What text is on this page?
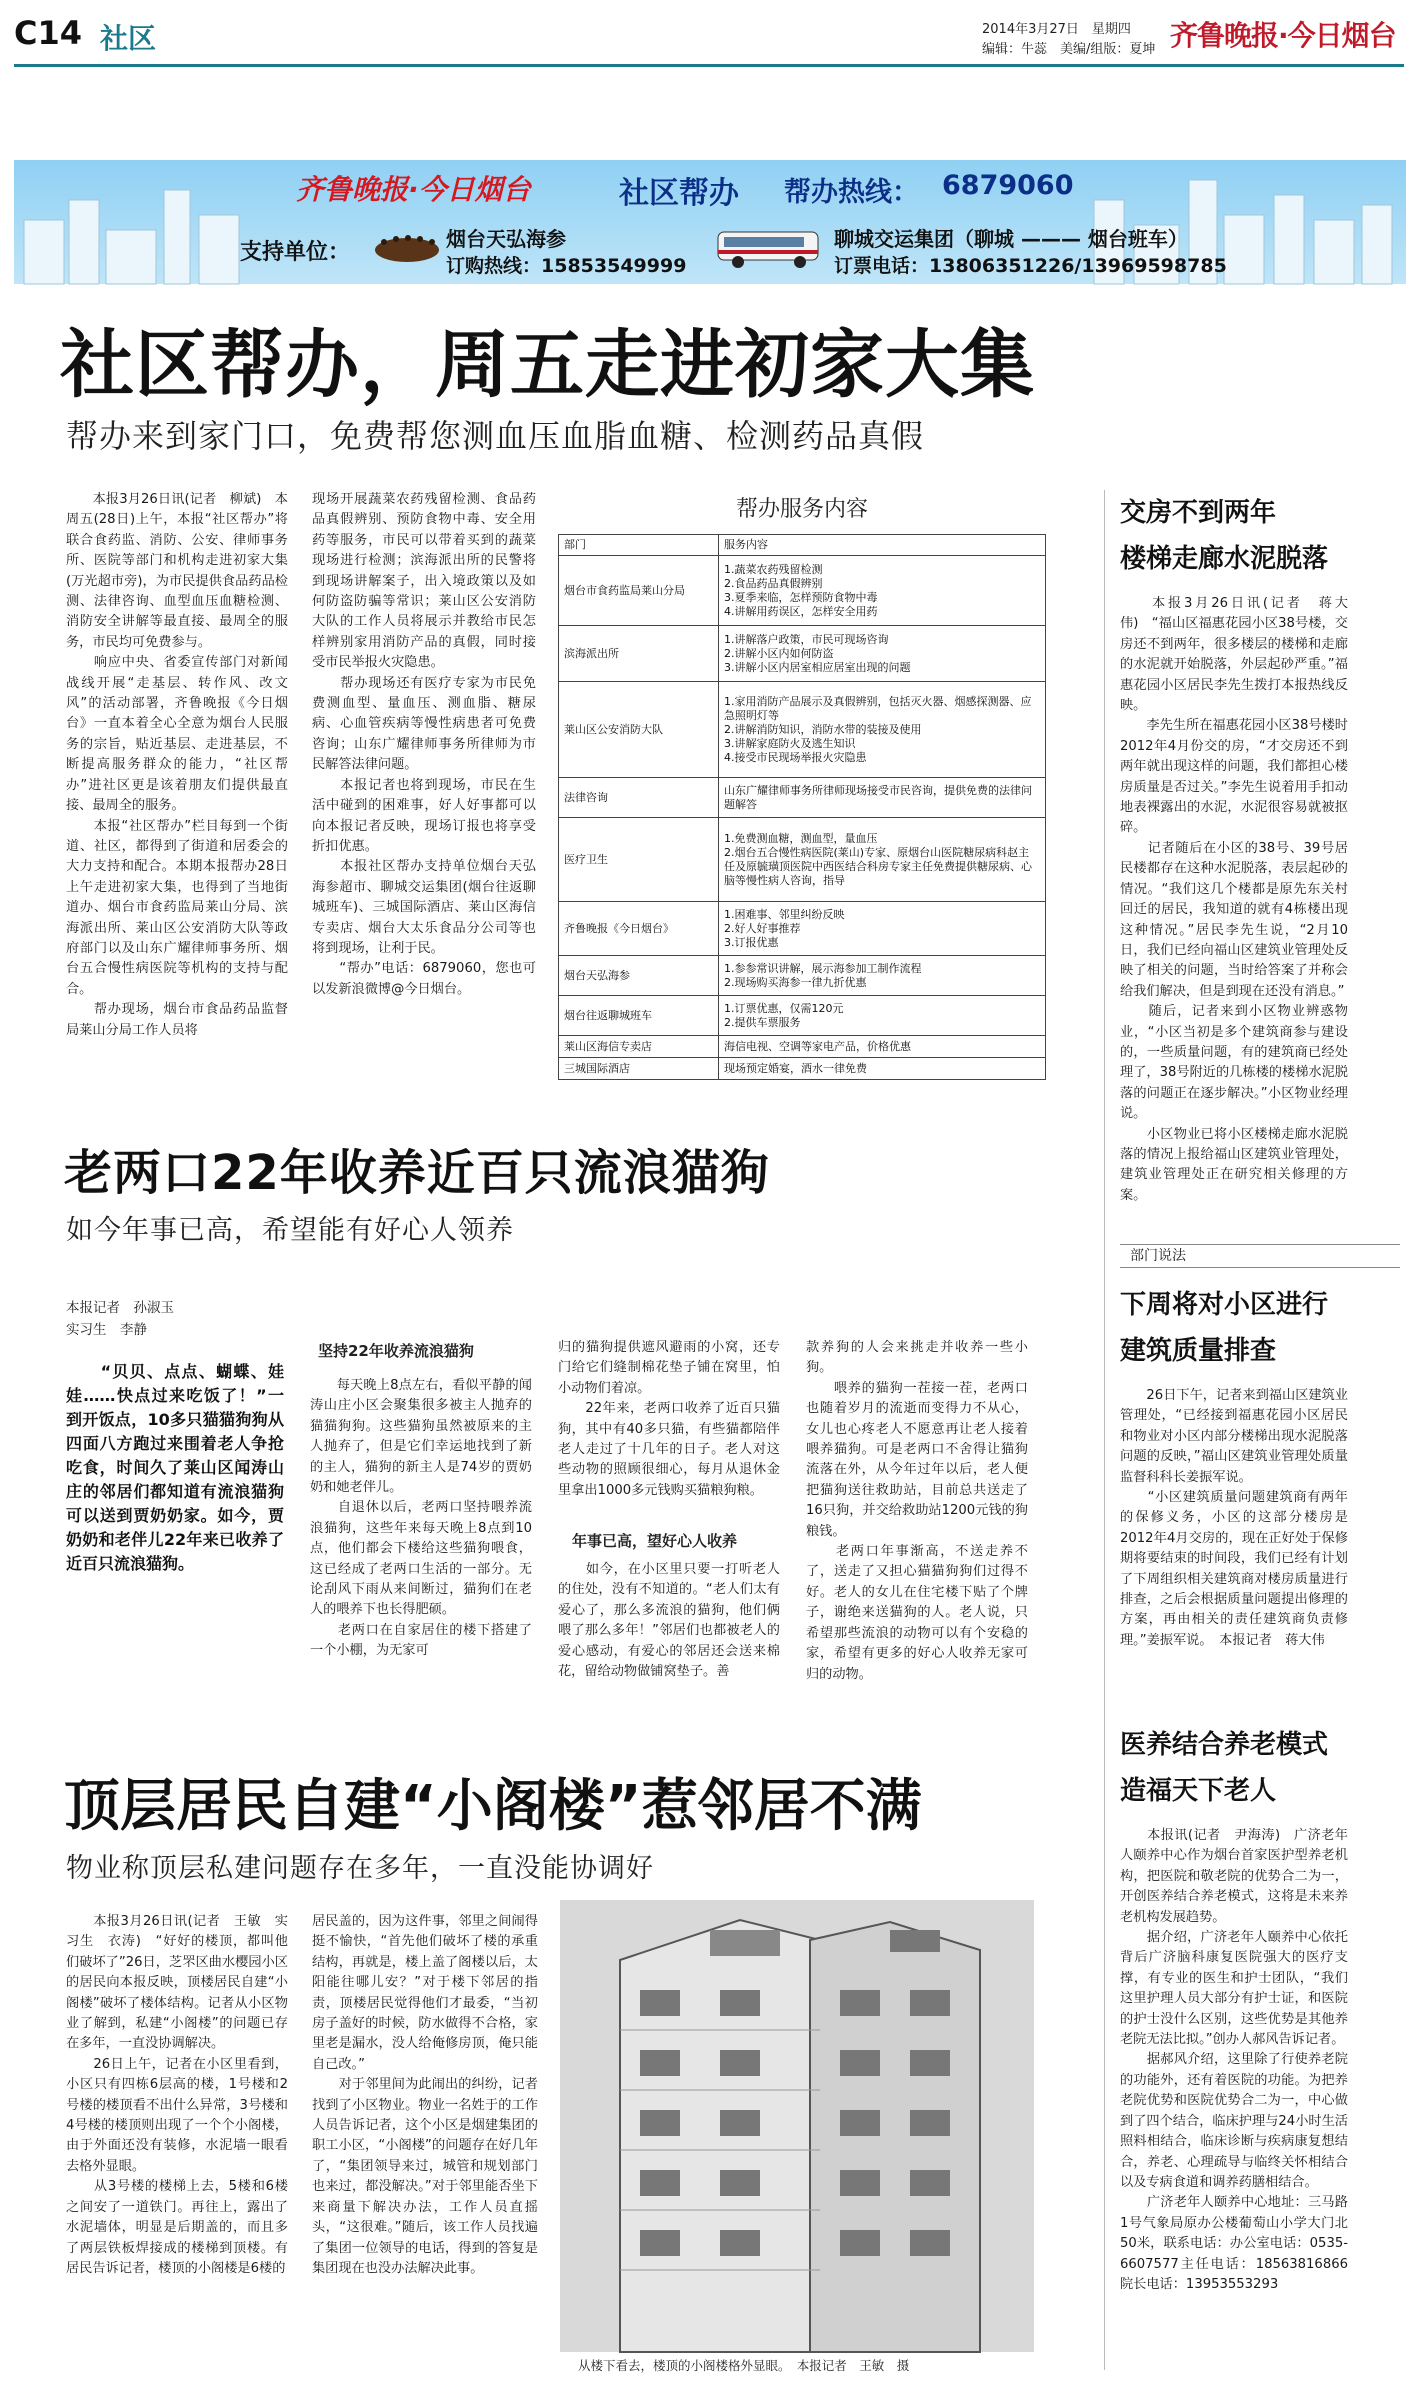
C14 社区	2014年3月27日　星期四
编辑：牛蕊　美编/组版：夏坤 齐鲁晚报·今日烟台
齐鲁晚报·今日烟台	社区帮办 帮办热线： 6879060
支持单位：
烟台天弘海参
订购热线：15853549999
聊城交运集团（聊城 ——— 烟台班车）
订票电话：13806351226/13969598785
社区帮办，周五走进初家大集
帮办来到家门口，免费帮您测血压血脂血糖、检测药品真假
　　本报3月26日讯(记者　柳斌)　本周五(28日)上午，本报“社区帮办”将联合食药监、消防、公安、律师事务所、医院等部门和机构走进初家大集(万光超市旁)，为市民提供食品药品检测、法律咨询、血型血压血糖检测、消防安全讲解等最直接、最周全的服务，市民均可免费参与。
　　响应中央、省委宣传部门对新闻战线开展“走基层、转作风、改文风”的活动部署，齐鲁晚报《今日烟台》一直本着全心全意为烟台人民服务的宗旨，贴近基层、走进基层，不断提高服务群众的能力，“社区帮办”进社区更是该着朋友们提供最直接、最周全的服务。
　　本报“社区帮办”栏目每到一个街道、社区，都得到了街道和居委会的大力支持和配合。本期本报帮办28日上午走进初家大集，也得到了当地街道办、烟台市食药监局莱山分局、滨海派出所、莱山区公安消防大队等政府部门以及山东广耀律师事务所、烟台五合慢性病医院等机构的支持与配合。
　　帮办现场，烟台市食品药品监督局莱山分局工作人员将
现场开展蔬菜农药残留检测、食品药品真假辨别、预防食物中毒、安全用药等服务，市民可以带着买到的蔬菜现场进行检测；滨海派出所的民警将到现场讲解案子，出入境政策以及如何防盗防骗等常识；莱山区公安消防大队的工作人员将展示并教给市民怎样辨别家用消防产品的真假，同时接受市民举报火灾隐患。
　　帮办现场还有医疗专家为市民免费测血型、量血压、测血脂、糖尿病、心血管疾病等慢性病患者可免费咨询；山东广耀律师事务所律师为市民解答法律问题。
　　本报记者也将到现场，市民在生活中碰到的困难事，好人好事都可以向本报记者反映，现场订报也将享受折扣优惠。
　　本报社区帮办支持单位烟台天弘海参超市、聊城交运集团(烟台往返聊城班车)、三城国际酒店、莱山区海信专卖店、烟台大太乐食品分公司等也将到现场，让利于民。
　　“帮办”电话：6879060，您也可以发新浪微博@今日烟台。
帮办服务内容
部门	服务内容
烟台市食药监局莱山分局	1.蔬菜农药残留检测
2.食品药品真假辨别
3.夏季来临，怎样预防食物中毒
4.讲解用药误区，怎样安全用药
滨海派出所	1.讲解落户政策，市民可现场咨询
2.讲解小区内如何防盗
3.讲解小区内居室相应居室出现的问题
莱山区公安消防大队	1.家用消防产品展示及真假辨别，包括灭火器、烟感探测器、应急照明灯等
2.讲解消防知识，消防水带的装接及使用
3.讲解家庭防火及逃生知识
4.接受市民现场举报火灾隐患
法律咨询	山东广耀律师事务所律师现场接受市民咨询，提供免费的法律问题解答
医疗卫生	1.免费测血糖，测血型，量血压
2.烟台五合慢性病医院(莱山)专家、原烟台山医院糖尿病科赵主任及原毓璜顶医院中西医结合科房专家主任免费提供糖尿病、心脑等慢性病人咨询，指导
齐鲁晚报《今日烟台》	1.困难事、邻里纠纷反映
2.好人好事推荐
3.订报优惠
烟台天弘海参	1.参参常识讲解，展示海参加工制作流程
2.现场购买海参一律九折优惠
烟台往返聊城班车	1.订票优惠，仅需120元
2.提供车票服务
莱山区海信专卖店	海信电视、空调等家电产品，价格优惠
三城国际酒店	现场预定婚宴，酒水一律免费
老两口22年收养近百只流浪猫狗
如今年事已高，希望能有好心人领养
本报记者　孙淑玉
实习生　李静
　　“贝贝、点点、蝴蝶、娃娃……快点过来吃饭了！”一到开饭点，10多只猫猫狗狗从四面八方跑过来围着老人争抢吃食，时间久了莱山区闻涛山庄的邻居们都知道有流浪猫狗可以送到贾奶奶家。如今，贾奶奶和老伴儿22年来已收养了近百只流浪猫狗。
坚持22年收养流浪猫狗
　　每天晚上8点左右，看似平静的闻涛山庄小区会聚集很多被主人抛弃的猫猫狗狗。这些猫狗虽然被原来的主人抛弃了，但是它们幸运地找到了新的主人，猫狗的新主人是74岁的贾奶奶和她老伴儿。
　　自退休以后，老两口坚持喂养流浪猫狗，这些年来每天晚上8点到10点，他们都会下楼给这些猫狗喂食，这已经成了老两口生活的一部分。无论刮风下雨从来间断过，猫狗们在老人的喂养下也长得肥硕。
　　老两口在自家居住的楼下搭建了一个小棚，为无家可
归的猫狗提供遮风避雨的小窝，还专门给它们缝制棉花垫子铺在窝里，怕小动物们着凉。
　　22年来，老两口收养了近百只猫狗，其中有40多只猫，有些猫都陪伴老人走过了十几年的日子。老人对这些动物的照顾很细心，每月从退休金里拿出1000多元钱购买猫粮狗粮。
年事已高，望好心人收养
　　如今，在小区里只要一打听老人的住处，没有不知道的。“老人们太有爱心了，那么多流浪的猫狗，他们俩喂了那么多年！”邻居们也都被老人的爱心感动，有爱心的邻居还会送来棉花，留给动物做铺窝垫子。善
款养狗的人会来挑走并收养一些小狗。
　　喂养的猫狗一茬接一茬，老两口也随着岁月的流逝而变得力不从心，女儿也心疼老人不愿意再让老人接着喂养猫狗。可是老两口不舍得让猫狗流落在外，从今年过年以后，老人便把猫狗送往救助站，目前总共送走了16只狗，并交给救助站1200元钱的狗粮钱。
　　老两口年事渐高，不送走养不了，送走了又担心猫猫狗狗们过得不好。老人的女儿在住宅楼下贴了个牌子，谢绝来送猫狗的人。老人说，只希望那些流浪的动物可以有个安稳的家，希望有更多的好心人收养无家可归的动物。
顶层居民自建“小阁楼”惹邻居不满
物业称顶层私建问题存在多年，一直没能协调好
　　本报3月26日讯(记者　王敏　实习生　衣涛)　“好好的楼顶，都叫他们破坏了”26日，芝罘区曲水樱园小区的居民向本报反映，顶楼居民自建“小阁楼”破坏了楼体结构。记者从小区物业了解到，私建“小阁楼”的问题已存在多年，一直没协调解决。
　　26日上午，记者在小区里看到，小区只有四栋6层高的楼，1号楼和2号楼的楼顶看不出什么异常，3号楼和4号楼的楼顶则出现了一个个小阁楼，由于外面还没有装修，水泥墙一眼看去格外显眼。
　　从3号楼的楼梯上去，5楼和6楼之间安了一道铁门。再往上，露出了水泥墙体，明显是后期盖的，而且多了两层铁板焊接成的楼梯到顶楼。有居民告诉记者，楼顶的小阁楼是6楼的
居民盖的，因为这件事，邻里之间闹得挺不愉快，“首先他们破坏了楼的承重结构，再就是，楼上盖了阁楼以后，太阳能往哪儿安？”对于楼下邻居的指责，顶楼居民觉得他们才最委，“当初房子盖好的时候，防水做得不合格，家里老是漏水，没人给俺修房顶，俺只能自己改。”
　　对于邻里间为此闹出的纠纷，记者找到了小区物业。物业一名姓于的工作人员告诉记者，这个小区是烟建集团的职工小区，“小阁楼”的问题存在好几年了，“集团领导来过，城管和规划部门也来过，都没解决。”对于邻里能否坐下来商量下解决办法，工作人员直摇头，“这很难。”随后，该工作人员找遍了集团一位领导的电话，得到的答复是集团现在也没办法解决此事。
从楼下看去，楼顶的小阁楼格外显眼。　本报记者　王敏　摄
交房不到两年
楼梯走廊水泥脱落
　　本报3月26日讯(记者　蒋大伟)　“福山区福惠花园小区38号楼，交房还不到两年，很多楼层的楼梯和走廊的水泥就开始脱落，外层起砂严重。”福惠花园小区居民李先生拨打本报热线反映。
　　李先生所在福惠花园小区38号楼时2012年4月份交的房，“才交房还不到两年就出现这样的问题，我们都担心楼房质量是否过关。”李先生说着用手扣动地表裸露出的水泥，水泥很容易就被抠碎。
　　记者随后在小区的38号、39号居民楼都存在这种水泥脱落，表层起砂的情况。“我们这几个楼都是原先东关村回迁的居民，我知道的就有4栋楼出现这种情况。”居民李先生说，“2月10日，我们已经向福山区建筑业管理处反映了相关的问题，当时给答案了并称会给我们解决，但是到现在还没有消息。”
　　随后，记者来到小区物业辨惑物业，“小区当初是多个建筑商参与建设的，一些质量问题，有的建筑商已经处理了，38号附近的几栋楼的楼梯水泥脱落的问题正在逐步解决。”小区物业经理说。
　　小区物业已将小区楼梯走廊水泥脱落的情况上报给福山区建筑业管理处，建筑业管理处正在研究相关修理的方案。
部门说法
下周将对小区进行
建筑质量排查
　　26日下午，记者来到福山区建筑业管理处，“已经接到福惠花园小区居民和物业对小区内部分楼梯出现水泥脱落问题的反映，”福山区建筑业管理处质量监督科科长姜振军说。
　　“小区建筑质量问题建筑商有两年的保修义务，小区的这部分楼房是2012年4月交房的，现在正好处于保修期将要结束的时间段，我们已经有计划了下周组织相关建筑商对楼房质量进行排查，之后会根据质量问题提出修理的方案，再由相关的责任建筑商负责修理。”姜振军说。　本报记者　蒋大伟
医养结合养老模式
造福天下老人
　　本报讯(记者　尹海涛)　广济老年人颐养中心作为烟台首家医护型养老机构，把医院和敬老院的优势合二为一，开创医养结合养老模式，这将是未来养老机构发展趋势。
　　据介绍，广济老年人颐养中心依托背后广济脑科康复医院强大的医疗支撑，有专业的医生和护士团队，“我们这里护理人员大部分有护士证，和医院的护士没什么区别，这些优势是其他养老院无法比拟。”创办人郝风告诉记者。
　　据郝风介绍，这里除了行使养老院的功能外，还有着医院的功能。为把养老院优势和医院优势合二为一，中心做到了四个结合，临床护理与24小时生活照料相结合，临床诊断与疾病康复想结合，养老、心理疏导与临终关怀相结合以及专病食道和调养药膳相结合。
　　广济老年人颐养中心地址：三马路1号气象局原办公楼葡萄山小学大门北50米，联系电话：办公室电话：0535-6607577主任电话：18563816866　院长电话：13953553293
